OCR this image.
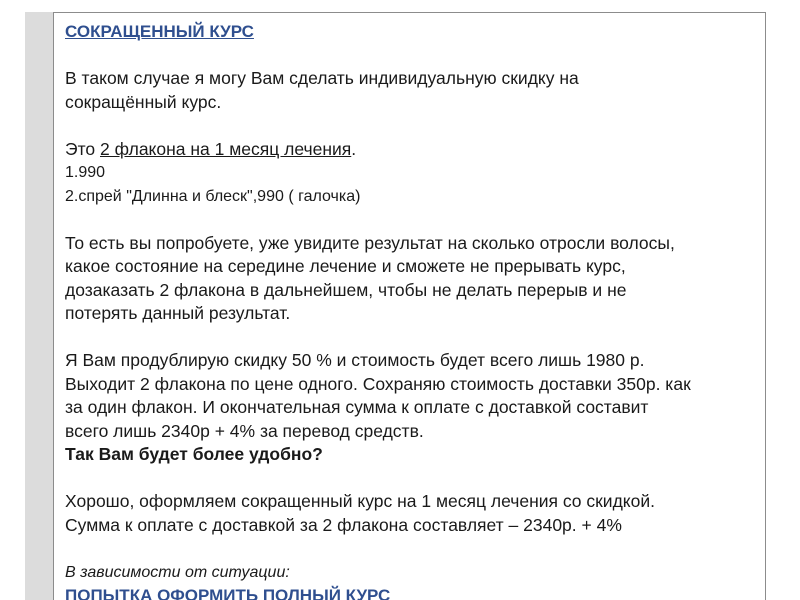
СОКРАЩЕННЫЙ КУРС
В таком случае я могу Вам сделать индивидуальную скидку на
сокращённый курс.
Это 2 флакона на 1 месяц лечения.
1.990
2.спрей "Длинна и блеск",990 ( галочка)
То есть вы попробуете, уже увидите результат на сколько отросли волосы,
какое состояние на середине лечение и сможете не прерывать курс,
дозаказать 2 флакона в дальнейшем, чтобы не делать перерыв и не
потерять данный результат.
Я Вам продублирую скидку 50 % и стоимость будет всего лишь 1980 р.
Выходит 2 флакона по цене одного. Сохраняю стоимость доставки 350р. как
за один флакон. И окончательная сумма к оплате с доставкой составит
всего лишь 2340р + 4% за перевод средств.
Так Вам будет более удобно?
Хорошо, оформляем сокращенный курс на 1 месяц лечения со скидкой.
Сумма к оплате с доставкой за 2 флакона составляет – 2340р. + 4%
В зависимости от ситуации:
ПОПЫТКА ОФОРМИТЬ ПОЛНЫЙ КУРС
